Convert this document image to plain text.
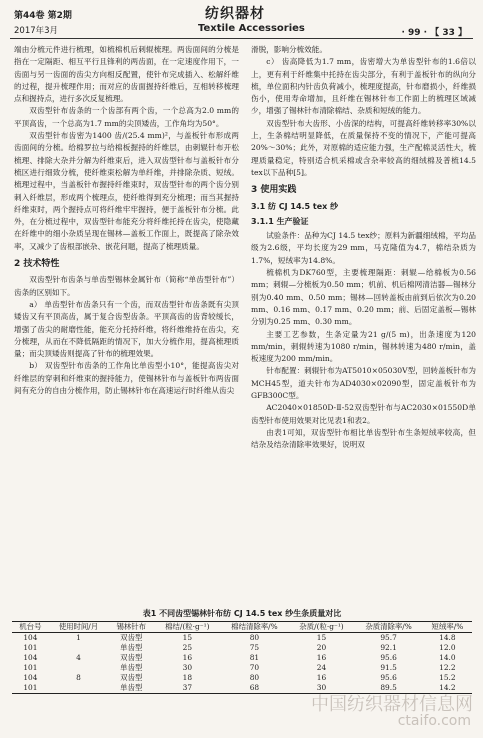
第44卷 第2期
2017年3月
纺织器材
Textile Accessories	· 99 · 【 33 】

端由分梳元件进行梳理，如梳棉机后刺辊梳理。两齿面间的分梳是指在一定隔距、相互平行且锋利的两齿面，在一定速度作用下，一齿面与另一齿面的齿尖方向相反配置，使针布完成插入、松解纤维的过程，提升梳理作用；而对应的齿面握持纤维后，互相转移梳理点和握持点，进行多次反复梳理。

双齿型针布齿条的一个齿部有两个齿，一个总高为2.0 mm的平顶高齿，一个总高为1.7 mm的尖顶矮齿，工作角均为50°。

双齿型针布齿密为1400 齿/(25.4 mm)²，与盖板针布形成两齿面间的分梳。给棉罗拉与给棉板握持的纤维层，由刺辊针布开松梳理、排除大杂并分解为纤维束后，进入双齿型针布与盖板针布分梳区进行细致分梳，使纤维束松解为单纤维，并排除杂质、短绒。梳理过程中，当盖板针布握持纤维束时，双齿型针布的两个齿分别刺入纤维层，形成两个梳理点，使纤维得到充分梳理；而当其握持纤维束时，两个握持点可将纤维牢牢握持，便于盖板针布分梳。此外，在分梳过程中，双齿型针布能充分将纤维托持在齿尖，使隐藏在纤维中的细小杂质呈现在锡林—盖板工作面上，既提高了除杂效率，又减少了齿根部嵌杂、嵌花问题，提高了梳理质量。

2 技术特性

双齿型针布齿条与单齿型锡林金属针布（简称“单齿型针布”）齿条的区别如下。

a） 单齿型针布齿条只有一个齿，而双齿型针布齿条既有尖顶矮齿又有平顶高齿，属于复合齿型齿条。平顶高齿的齿背较缓长，增强了齿尖的耐磨性能，能充分托持纤维，将纤维维持在齿尖，充分梳理，从而在不降低隔距的情况下，加大分梳作用，提高梳理质量；而尖顶矮齿则提高了针布的梳理效果。

b） 双齿型针布齿条的工作角比单齿型小10°，能提高齿尖对纤维层的穿刺和纤维束的握持能力，使锡林针布与盖板针布两齿面间有充分的自由分梳作用，防止锡林针布在高速运行时纤维从齿尖

滑脱，影响分梳效能。

c） 齿高降低为1.7 mm，齿密增大为单齿型针布的1.6倍以上，更有利于纤维集中托持在齿尖部分，有利于盖板针布的纵向分梳，单位面积内针齿负荷减小，梳理度提高，针布磨损小，纤维损伤小，使用寿命增加，且纤维在锡林针布工作面上的梳理区域减少，增强了锡林针布清除棉结、杂质和短绒的能力。

双齿型针布大齿形、小齿深的结构，可提高纤维转移率30%以上，生条棉结明显降低，在质量保持不变的情况下，产能可提高20%～30%；此外，对原棉的适应能力强，生产配棉灵活性大，梳理质量稳定，特别适合机采棉或含杂率较高的细绒棉及普梳14.5 tex以下品种[5]。

3 使用实践
3.1 纺 CJ 14.5 tex 纱
3.1.1 生产验证

试验条件：品种为CJ 14.5 tex纱；原料为新疆细绒棉，平均品级为2.6级，平均长度为29 mm，马克隆值为4.7，棉结杂质为1.7%，短绒率为14.8%。

梳棉机为DK760型，主要梳理隔距：刺辊—给棉板为0.56 mm；刺辊—分梳板为0.50 mm；机前、机后棉网清洁器—锡林分别为0.40 mm、0.50 mm；锡林—回转盖板由前到后依次为0.20 mm、0.16 mm、0.17 mm、0.20 mm；前、后固定盖板—锡林分别为0.25 mm、0.30 mm。

主要工艺参数，生条定量为21 g/(5 m)，出条速度为120 mm/min，刺辊转速为1080 r/min，锡林转速为480 r/min，盖板速度为200 mm/min。

针布配置：刺辊针布为AT5010×05030V型，回转盖板针布为MCH45型，道夫针布为AD4030×02090型，固定盖板针布为GFB300C型。

AC2040×01850D-Ⅱ-52双齿型针布与AC2030×01550D单齿型针布使用效果对比见表1和表2。

由表1可知，双齿型针布相比单齿型针布生条短绒率较高，但结杂及结杂清除率效果好，说明双

表1 不同齿型锡林针布纺 CJ 14.5 tex 纱生条质量对比
机台号	使用时间/月	锡林针布	棉结/(粒·g⁻¹)	棉结清除率/%	杂质/(粒·g⁻¹)	杂质清除率/%	短绒率/%
104	1	双齿型	15	80	15	95.7	14.8
101		单齿型	25	75	20	92.1	12.0
104	4	双齿型	16	81	16	95.6	14.0
101		单齿型	30	70	24	91.5	12.2
104	8	双齿型	18	80	16	95.6	15.2
101		单齿型	37	68	30	89.5	14.2
中国纺织器材信息网
ctaifo.com
